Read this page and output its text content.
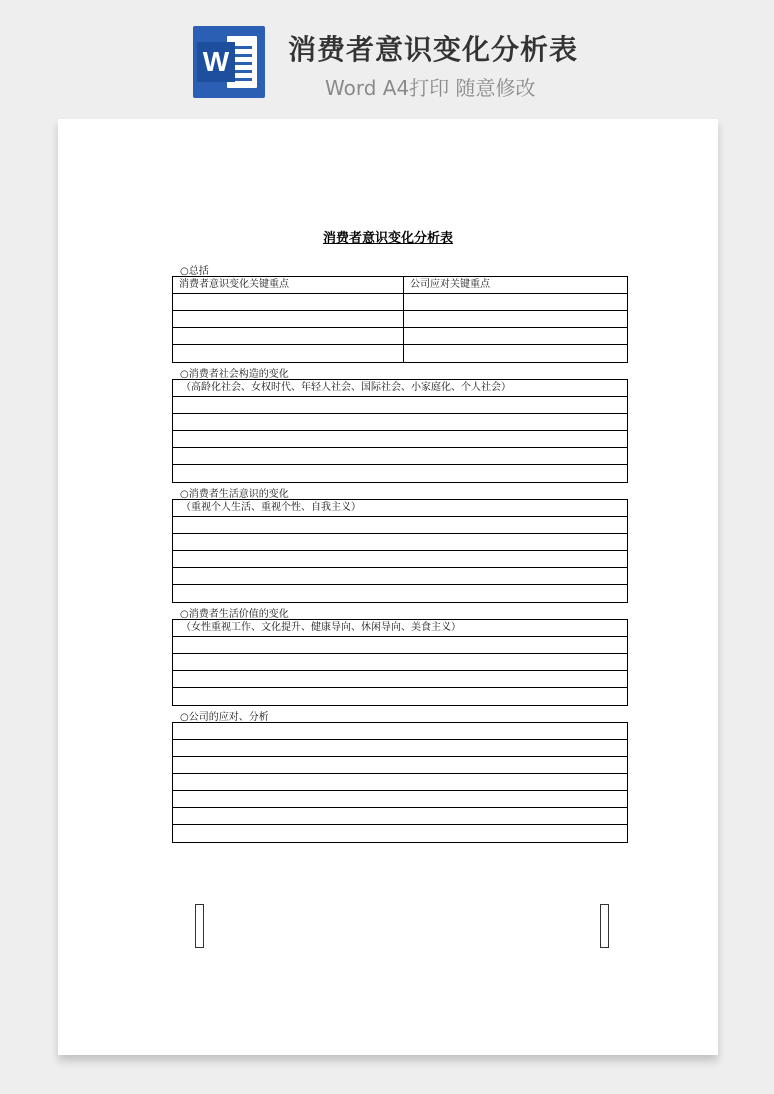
W 消费者意识变化分析表
Word A4打印 随意修改
消费者意识变化分析表
○总括
消费者意识变化关键重点	公司应对关键重点
○消费者社会构造的变化
（高龄化社会、女权时代、年轻人社会、国际社会、小家庭化、个人社会）
○消费者生活意识的变化
（重视个人生活、重视个性、自我主义）
○消费者生活价值的变化
（女性重视工作、文化提升、健康导向、休闲导向、美食主义）
○公司的应对、分析
